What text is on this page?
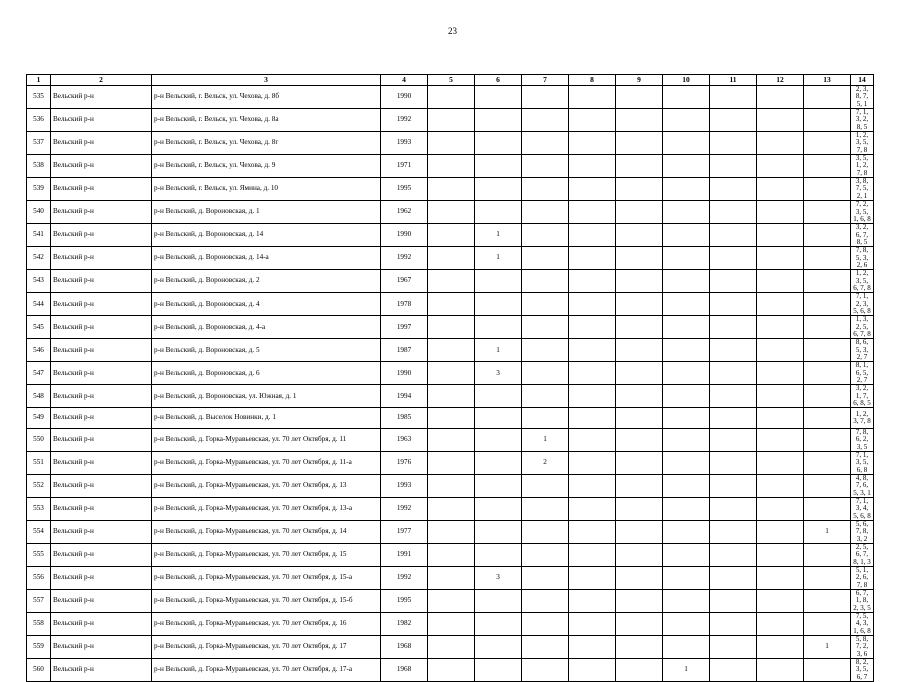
23
1	2	3	4	5	6	7	8	9	10	11	12	13	14
535	Вельский р-н	р-н Вельский, г. Вельск, ул. Чехова, д. 8б	1990										2, 3, 8, 7, 5, 1
536	Вельский р-н	р-н Вельский, г. Вельск, ул. Чехова, д. 8а	1992										7, 1, 3, 2, 8, 5
537	Вельский р-н	р-н Вельский, г. Вельск, ул. Чехова, д. 8г	1993										1, 2, 3, 5, 7, 8
538	Вельский р-н	р-н Вельский, г. Вельск, ул. Чехова, д. 9	1971										3, 5, 1, 2, 7, 8
539	Вельский р-н	р-н Вельский, г. Вельск, ул. Ямина, д. 10	1995										3, 8, 7, 5, 2, 1
540	Вельский р-н	р-н Вельский, д. Вороновская, д. 1	1962										7, 2, 3, 5, 1, 6, 8
541	Вельский р-н	р-н Вельский, д. Вороновская, д. 14	1990		1								3, 2, 6, 7, 8, 5
542	Вельский р-н	р-н Вельский, д. Вороновская, д. 14-а	1992		1								7, 8, 5, 3, 2, 6
543	Вельский р-н	р-н Вельский, д. Вороновская, д. 2	1967										1, 2, 3, 5, 6, 7, 8
544	Вельский р-н	р-н Вельский, д. Вороновская, д. 4	1978										7, 1, 2, 3, 5, 6, 8
545	Вельский р-н	р-н Вельский, д. Вороновская, д. 4-а	1997										1, 3, 2, 5, 6, 7, 8
546	Вельский р-н	р-н Вельский, д. Вороновская, д. 5	1987		1								8, 6, 5, 3, 2, 7
547	Вельский р-н	р-н Вельский, д. Вороновская, д. 6	1990		3								8, 1, 6, 5, 2, 7
548	Вельский р-н	р-н Вельский, д. Вороновская, ул. Южная, д. 1	1994										3, 2, 1, 7, 6, 8, 5
549	Вельский р-н	р-н Вельский, д. Выселок Новинки, д. 1	1985										1, 2, 3, 7, 8
550	Вельский р-н	р-н Вельский, д. Горка-Муравьевская, ул. 70 лет Октября, д. 11	1963			1							7, 8, 6, 2, 3, 5
551	Вельский р-н	р-н Вельский, д. Горка-Муравьевская, ул. 70 лет Октября, д. 11-а	1976			2							7, 1, 3, 5, 6, 8
552	Вельский р-н	р-н Вельский, д. Горка-Муравьевская, ул. 70 лет Октября, д. 13	1993										4, 8, 7, 6, 5, 3, 1
553	Вельский р-н	р-н Вельский, д. Горка-Муравьевская, ул. 70 лет Октября, д. 13-а	1992										7, 1, 3, 4, 5, 6, 8
554	Вельский р-н	р-н Вельский, д. Горка-Муравьевская, ул. 70 лет Октября, д. 14	1977									1	5, 6, 7, 8, 3, 2
555	Вельский р-н	р-н Вельский, д. Горка-Муравьевская, ул. 70 лет Октября, д. 15	1991										2, 5, 6, 7, 8, 1, 3
556	Вельский р-н	р-н Вельский, д. Горка-Муравьевская, ул. 70 лет Октября, д. 15-а	1992		3								5, 1, 2, 6, 7, 8
557	Вельский р-н	р-н Вельский, д. Горка-Муравьевская, ул. 70 лет Октября, д. 15-б	1995										6, 7, 1, 8, 2, 3, 5
558	Вельский р-н	р-н Вельский, д. Горка-Муравьевская, ул. 70 лет Октября, д. 16	1982										7, 5, 4, 3, 1, 6, 8
559	Вельский р-н	р-н Вельский, д. Горка-Муравьевская, ул. 70 лет Октября, д. 17	1968									1	5, 8, 7, 2, 3, 6
560	Вельский р-н	р-н Вельский, д. Горка-Муравьевская, ул. 70 лет Октября, д. 17-а	1968						1				8, 2, 3, 5, 6, 7
